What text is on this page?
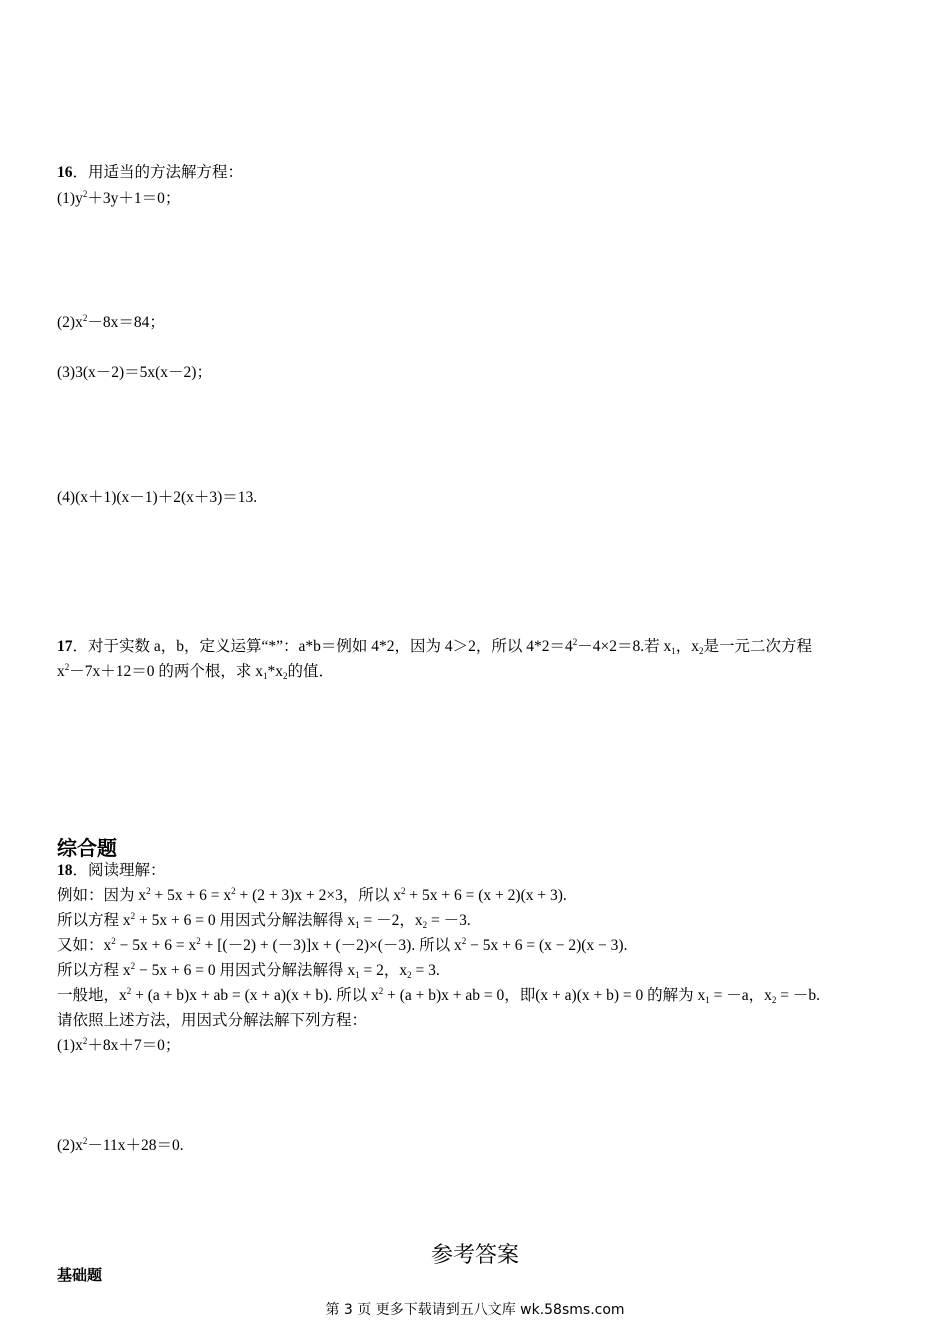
16．用适当的方法解方程：
$(1)y^2+3y+1=0$；
$(2)x^2-8x=84$；
(3)3(x－2)＝5x(x－2)；
(4)(x＋1)(x－1)＋2(x＋3)＝13.
17．对于实数 a，b，定义运算“*”：a*b＝例如 4*2，因为 4＞2，所以 $4*2=4^2-4\times 2=8$.若 $x_1$，$x_2$是一元二次方程
$x^2-7x+12=0$ 的两个根，求 $x_1*x_2$的值．
综合题
18．阅读理解：
例如：因为 $x^2 + 5x + 6 = x^2 + (2 + 3)x + 2\times 3$，所以 $x^2 + 5x + 6 = (x + 2)(x + 3)$.
所以方程 $x^2 + 5x + 6 = 0$ 用因式分解法解得 $x_1 = -2$，$x_2 = -3$.
又如：$x^2 - 5x + 6 = x^2 + [(-2) + (-3)]x + (-2)\times(-3)$. 所以 $x^2 - 5x + 6 = (x - 2)(x - 3)$.
所以方程 $x^2 - 5x + 6 = 0$ 用因式分解法解得 $x_1 = 2$，$x_2 = 3$.
一般地，$x^2 + (a + b)x$ + ab = (x + a)(x + b). 所以 $x^2 + (a + b)x$ + ab = 0，即(x + a)(x + b) = 0 的解为 $x_1 = -a$，$x_2 = -b$.
请依照上述方法，用因式分解法解下列方程：
$(1)x^2+8x+7=0$；
$(2)x^2-11x+28=0$.
参考答案
基础题
第 3 页 更多下载请到五八文库 wk.58sms.com
